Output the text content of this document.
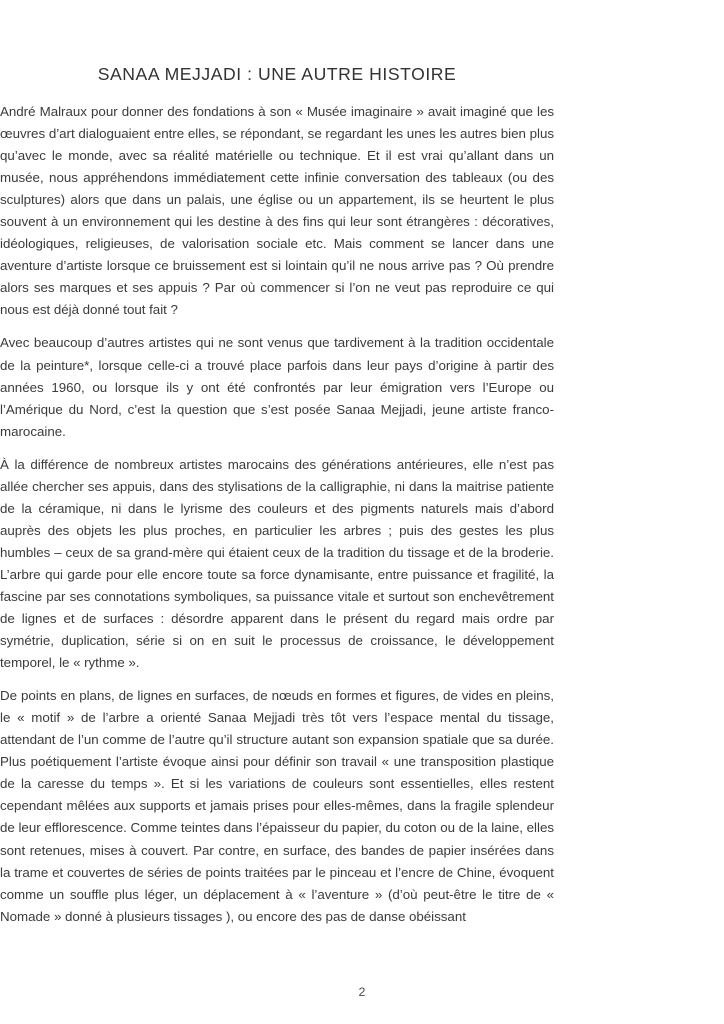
SANAA MEJJADI : UNE AUTRE HISTOIRE

André Malraux pour donner des fondations à son « Musée imaginaire » avait imaginé que les œuvres d’art dialoguaient entre elles, se répondant, se regardant les unes les autres bien plus qu’avec le monde, avec sa réalité matérielle ou technique. Et il est vrai qu’allant dans un musée, nous appréhendons immédiatement cette infinie conversation des tableaux (ou des sculptures) alors que dans un palais, une église ou un appartement, ils se heurtent le plus souvent à un environnement qui les destine à des fins qui leur sont étrangères : décoratives, idéologiques, religieuses, de valorisation sociale etc. Mais comment se lancer dans une aventure d’artiste lorsque ce bruissement est si lointain qu’il ne nous arrive pas ? Où prendre alors ses marques et ses appuis ? Par où commencer si l’on ne veut pas reproduire ce qui nous est déjà donné tout fait ?

Avec beaucoup d’autres artistes qui ne sont venus que tardivement à la tradition occidentale de la peinture*, lorsque celle-ci a trouvé place parfois dans leur pays d’origine à partir des années 1960, ou lorsque ils y ont été confrontés par leur émigration vers l’Europe ou l’Amérique du Nord, c’est la question que s’est posée Sanaa Mejjadi, jeune artiste franco-marocaine.

À la différence de nombreux artistes marocains des générations antérieures, elle n’est pas allée chercher ses appuis, dans des stylisations de la calligraphie, ni dans la maitrise patiente de la céramique, ni dans le lyrisme des couleurs et des pigments naturels mais d’abord auprès des objets les plus proches, en particulier les arbres ; puis des gestes les plus humbles – ceux de sa grand-mère qui étaient ceux de la tradition du tissage et de la broderie. L’arbre qui garde pour elle encore toute sa force dynamisante, entre puissance et fragilité, la fascine par ses connotations symboliques, sa puissance vitale et surtout son enchevêtrement de lignes et de surfaces : désordre apparent dans le présent du regard mais ordre par symétrie, duplication, série si on en suit le processus de croissance, le développement temporel, le « rythme ».

De points en plans, de lignes en surfaces, de nœuds en formes et figures, de vides en pleins, le « motif » de l’arbre a orienté Sanaa Mejjadi très tôt vers l’espace mental du tissage, attendant de l’un comme de l’autre qu’il structure autant son expansion spatiale que sa durée. Plus poétiquement l’artiste évoque ainsi pour définir son travail « une transposition plastique de la caresse du temps ». Et si les variations de couleurs sont essentielles, elles restent cependant mêlées aux supports et jamais prises pour elles-mêmes, dans la fragile splendeur de leur efflorescence. Comme teintes dans l’épaisseur du papier, du coton ou de la laine, elles sont retenues, mises à couvert. Par contre, en surface, des bandes de papier insérées dans la trame et couvertes de séries de points traitées par le pinceau et l’encre de Chine, évoquent comme un souffle plus léger, un déplacement à « l’aventure » (d’où peut-être le titre de « Nomade » donné à plusieurs tissages ), ou encore des pas de danse obéissant

2
